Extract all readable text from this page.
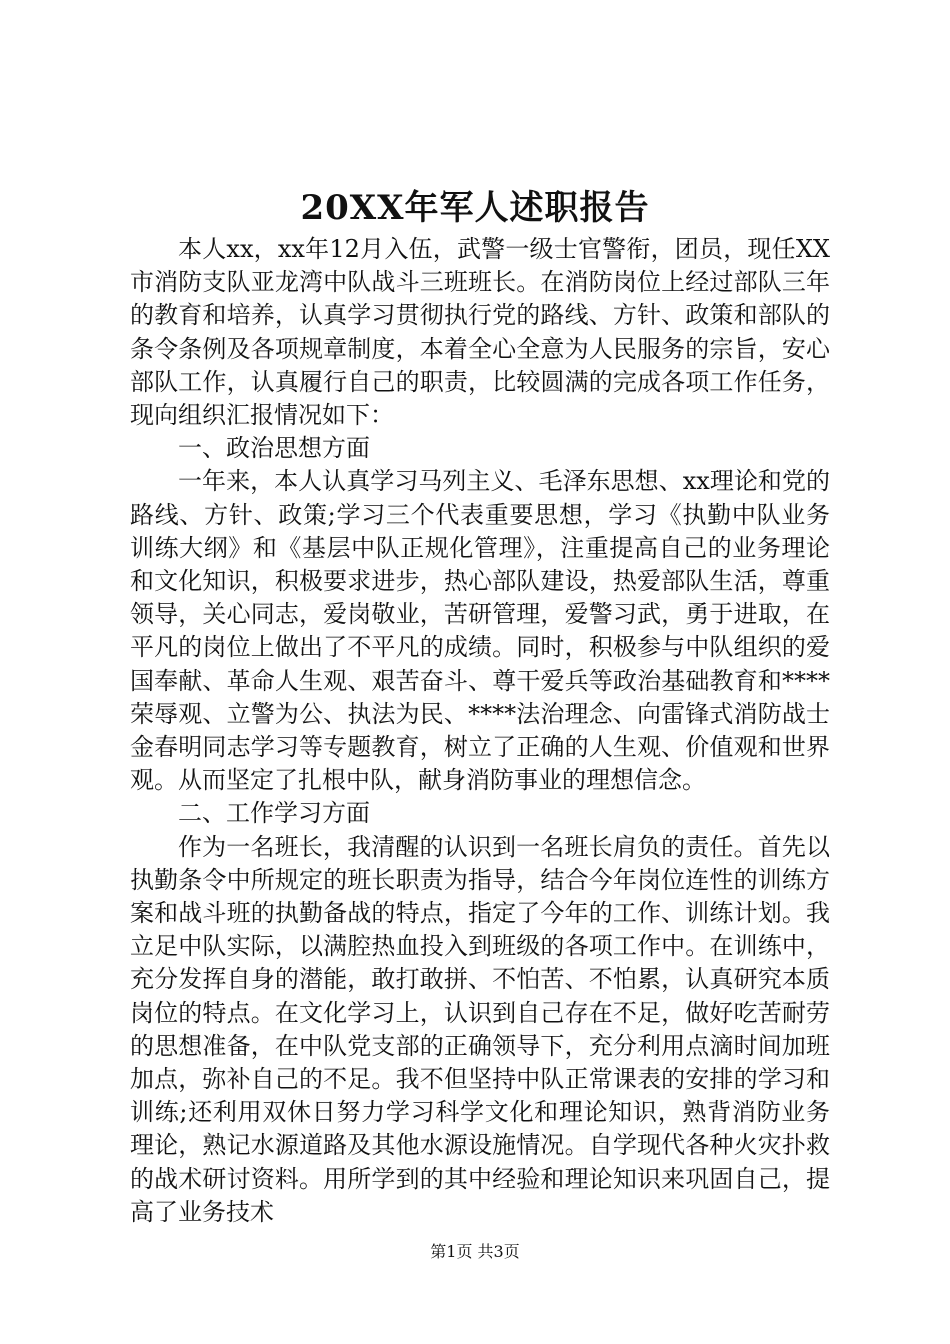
20XX年军人述职报告

本人xx，xx年12月入伍，武警一级士官警衔，团员，现任XX市消防支队亚龙湾中队战斗三班班长。在消防岗位上经过部队三年的教育和培养，认真学习贯彻执行党的路线、方针、政策和部队的条令条例及各项规章制度，本着全心全意为人民服务的宗旨，安心部队工作，认真履行自己的职责，比较圆满的完成各项工作任务，现向组织汇报情况如下：

一、政治思想方面

一年来，本人认真学习马列主义、毛泽东思想、xx理论和党的路线、方针、政策;学习三个代表重要思想，学习《执勤中队业务训练大纲》和《基层中队正规化管理》，注重提高自己的业务理论和文化知识，积极要求进步，热心部队建设，热爱部队生活，尊重领导，关心同志，爱岗敬业，苦研管理，爱警习武，勇于进取，在平凡的岗位上做出了不平凡的成绩。同时，积极参与中队组织的爱国奉献、革命人生观、艰苦奋斗、尊干爱兵等政治基础教育和****荣辱观、立警为公、执法为民、****法治理念、向雷锋式消防战士金春明同志学习等专题教育，树立了正确的人生观、价值观和世界观。从而坚定了扎根中队，献身消防事业的理想信念。

二、工作学习方面

作为一名班长，我清醒的认识到一名班长肩负的责任。首先以执勤条令中所规定的班长职责为指导，结合今年岗位连性的训练方案和战斗班的执勤备战的特点，指定了今年的工作、训练计划。我立足中队实际，以满腔热血投入到班级的各项工作中。在训练中，充分发挥自身的潜能，敢打敢拼、不怕苦、不怕累，认真研究本质岗位的特点。在文化学习上，认识到自己存在不足，做好吃苦耐劳的思想准备，在中队党支部的正确领导下，充分利用点滴时间加班加点，弥补自己的不足。我不但坚持中队正常课表的安排的学习和训练;还利用双休日努力学习科学文化和理论知识，熟背消防业务理论，熟记水源道路及其他水源设施情况。自学现代各种火灾扑救的战术研讨资料。用所学到的其中经验和理论知识来巩固自己，提高了业务技术

第1页 共3页
